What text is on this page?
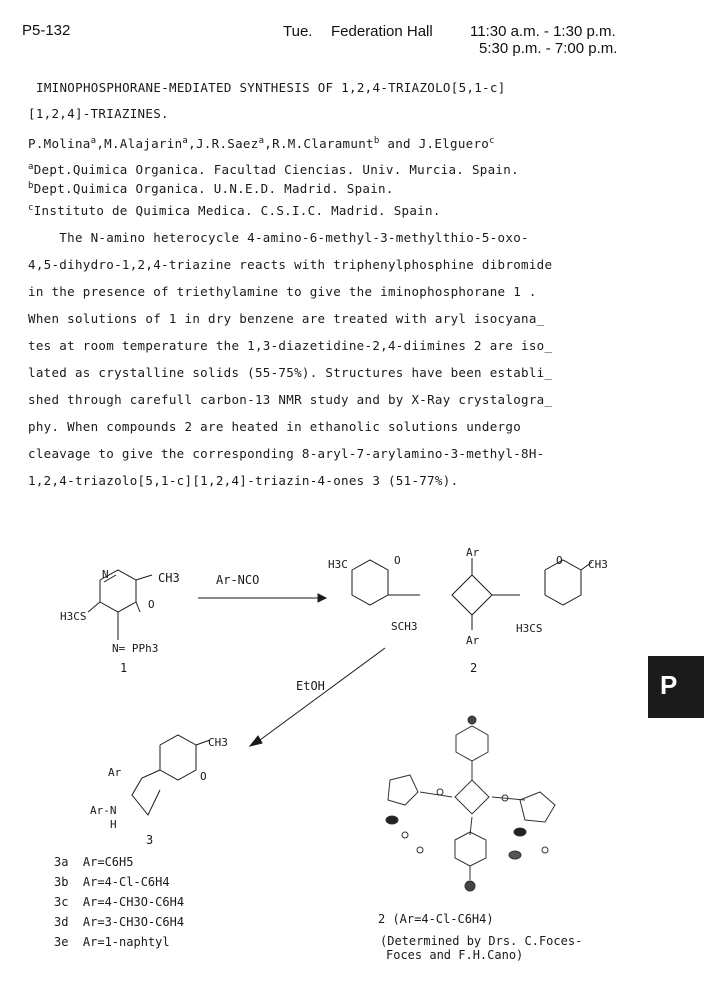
P5-132	Tue. Federation Hall 11:30 a.m. - 1:30 p.m.
5:30 p.m. - 7:00 p.m.
IMINOPHOSPHORANE-MEDIATED SYNTHESIS OF 1,2,4-TRIAZOLO[5,1-c]
[1,2,4]-TRIAZINES.
P.Molina$^a$,M.Alajarin$^a$,J.R.Saez$^a$,R.M.Claramunt$^b$ and J.Elguero$^c$
$^a$Dept.Quimica Organica. Facultad Ciencias. Univ. Murcia. Spain.
$^b$Dept.Quimica Organica. U.N.E.D. Madrid. Spain.
$^c$Instituto de Quimica Medica. C.S.I.C. Madrid. Spain.
The N-amino heterocycle 4-amino-6-methyl-3-methylthio-5-oxo-
4,5-dihydro-1,2,4-triazine reacts with triphenylphosphine dibromide
in the presence of triethylamine to give the iminophosphorane 1 .
When solutions of 1 in dry benzene are treated with aryl isocyana_
tes at room temperature the 1,3-diazetidine-2,4-diimines 2 are iso_
lated as crystalline solids (55-75%). Structures have been establi_
shed through carefull carbon-13 NMR study and by X-Ray crystalogra_
phy. When compounds 2 are heated in ethanolic solutions undergo
cleavage to give the corresponding 8-aryl-7-arylamino-3-methyl-8H-
1,2,4-triazolo[5,1-c][1,2,4]-triazin-4-ones 3 (51-77%).
N	CH3
H3CS
O
N= PPh3
1
Ar-NCO
H3C	O
SCH3
Ar
Ar
O CH3
H3CS
2
EtOH
CH3
O
Ar
Ar-N
H
3
3a Ar=C6H5
3b Ar=4-Cl-C6H4
3c Ar=4-CH3O-C6H4
3d Ar=3-CH3O-C6H4
3e Ar=1-naphtyl
2 (Ar=4-Cl-C6H4)
(Determined by Drs. C.Foces-
Foces and F.H.Cano)
P
